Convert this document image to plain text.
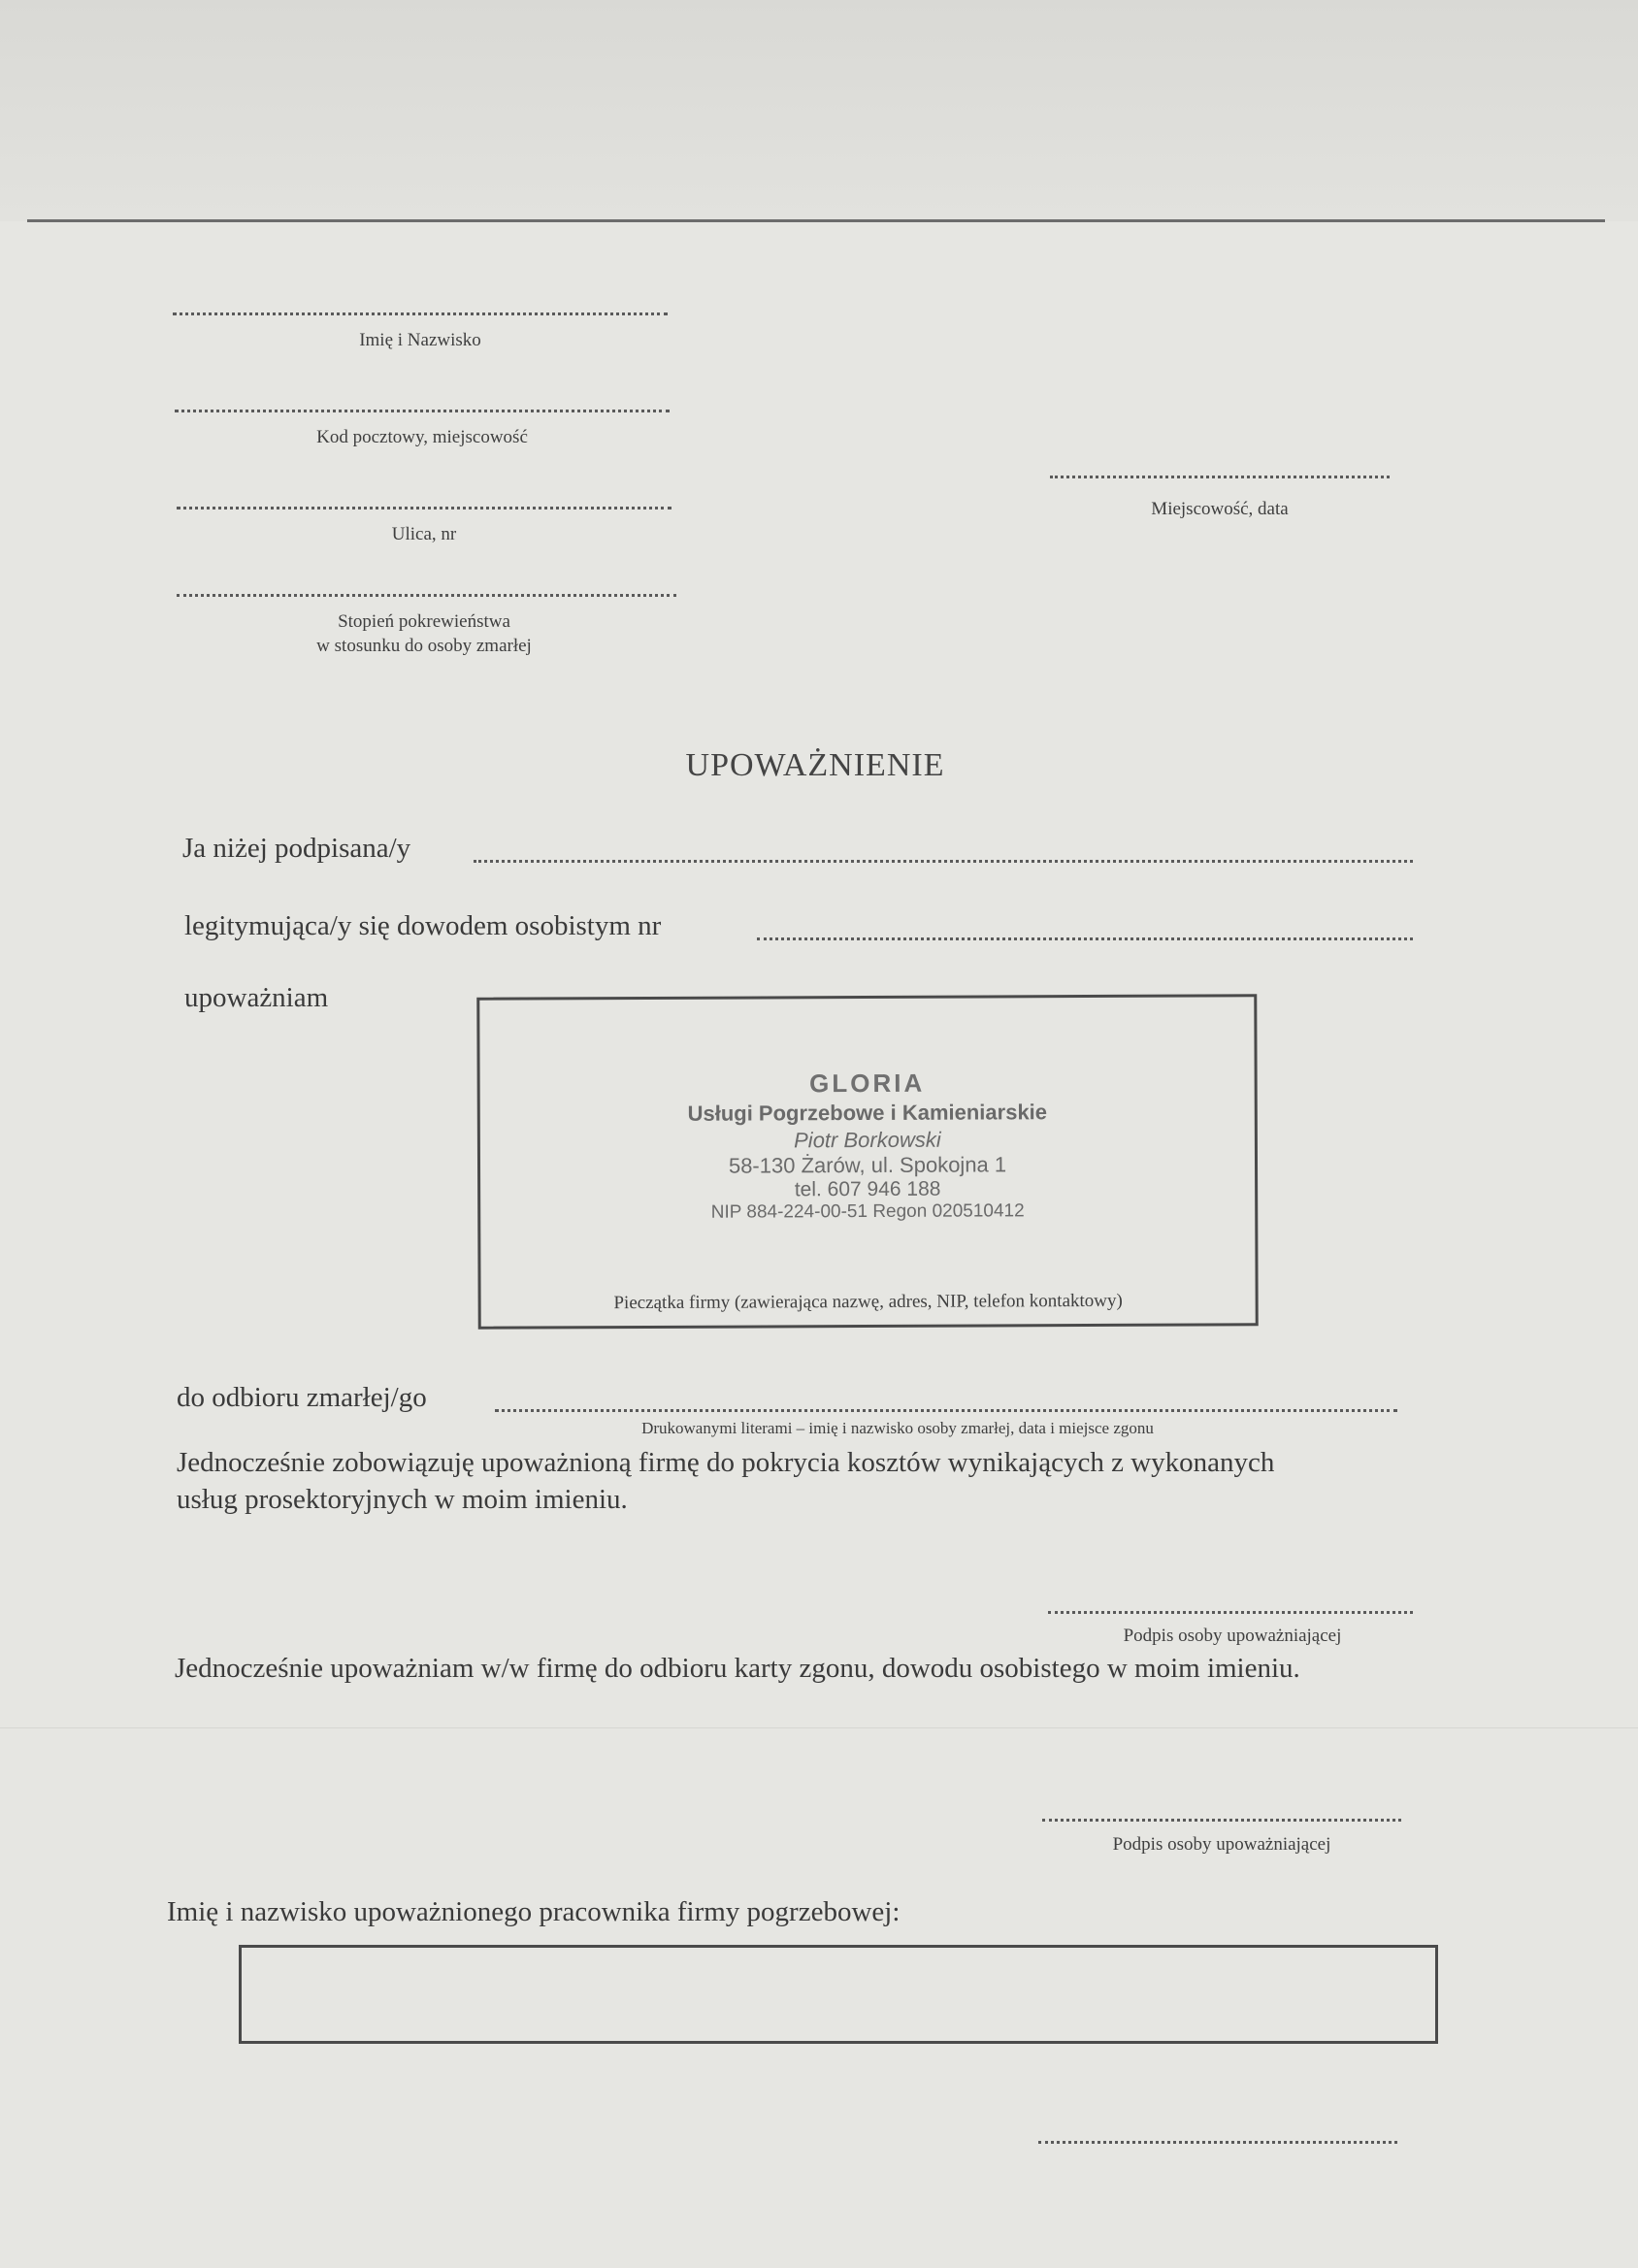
Imię i Nazwisko
Kod pocztowy, miejscowość
Ulica, nr
Stopień pokrewieństwa
w stosunku do osoby zmarłej
Miejscowość, data
UPOWAŻNIENIE
Ja niżej podpisana/y
legitymująca/y się dowodem osobistym nr
upoważniam
GLORIA
Usługi Pogrzebowe i Kamieniarskie
Piotr Borkowski
58-130 Żarów, ul. Spokojna 1
tel. 607 946 188
NIP 884-224-00-51 Regon 020510412
Pieczątka firmy (zawierająca nazwę, adres, NIP, telefon kontaktowy)
do odbioru zmarłej/go
Drukowanymi literami – imię i nazwisko osoby zmarłej, data i miejsce zgonu
Jednocześnie zobowiązuję upoważnioną firmę do pokrycia kosztów wynikających z wykonanych usług prosektoryjnych w moim imieniu.
Podpis osoby upoważniającej
Jednocześnie upoważniam w/w firmę do odbioru karty zgonu, dowodu osobistego w moim imieniu.
Podpis osoby upoważniającej
Imię i nazwisko upoważnionego pracownika firmy pogrzebowej:
